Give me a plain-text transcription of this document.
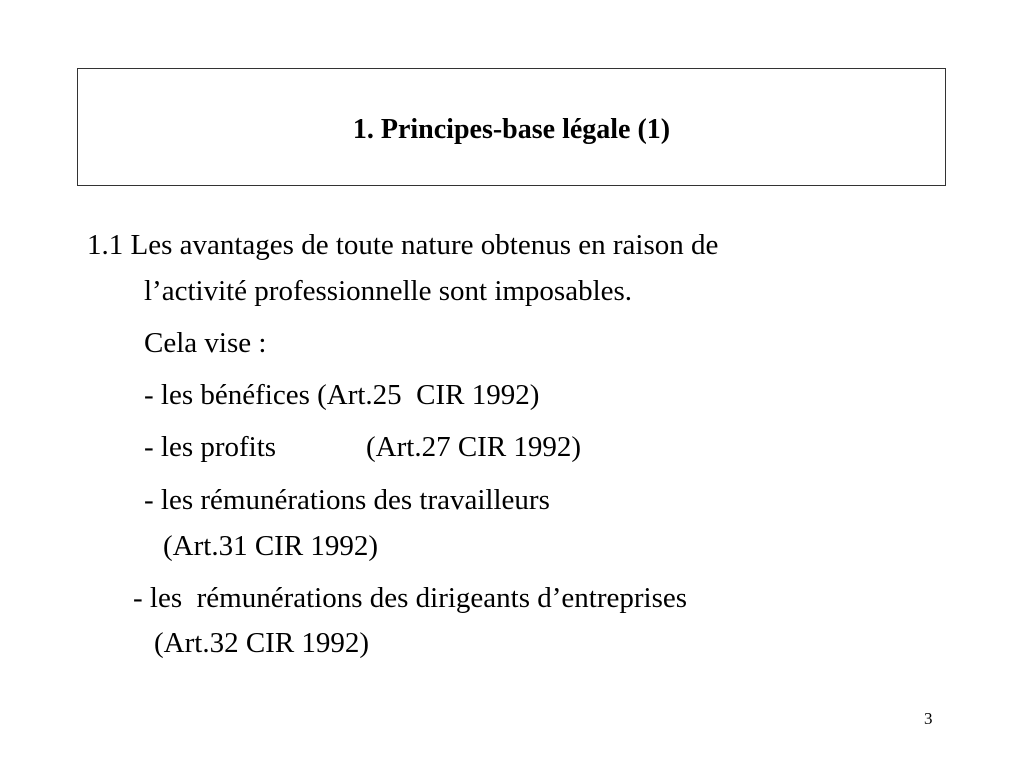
1. Principes-base légale (1)

1.1 Les avantages de toute nature obtenus en raison de

l’activité professionnelle sont imposables.

Cela vise :

- les bénéfices (Art.25  CIR 1992)

- les profits	(Art.27 CIR 1992)

- les rémunérations des travailleurs

(Art.31 CIR 1992)

- les  rémunérations des dirigeants d’entreprises

(Art.32 CIR 1992)

3
